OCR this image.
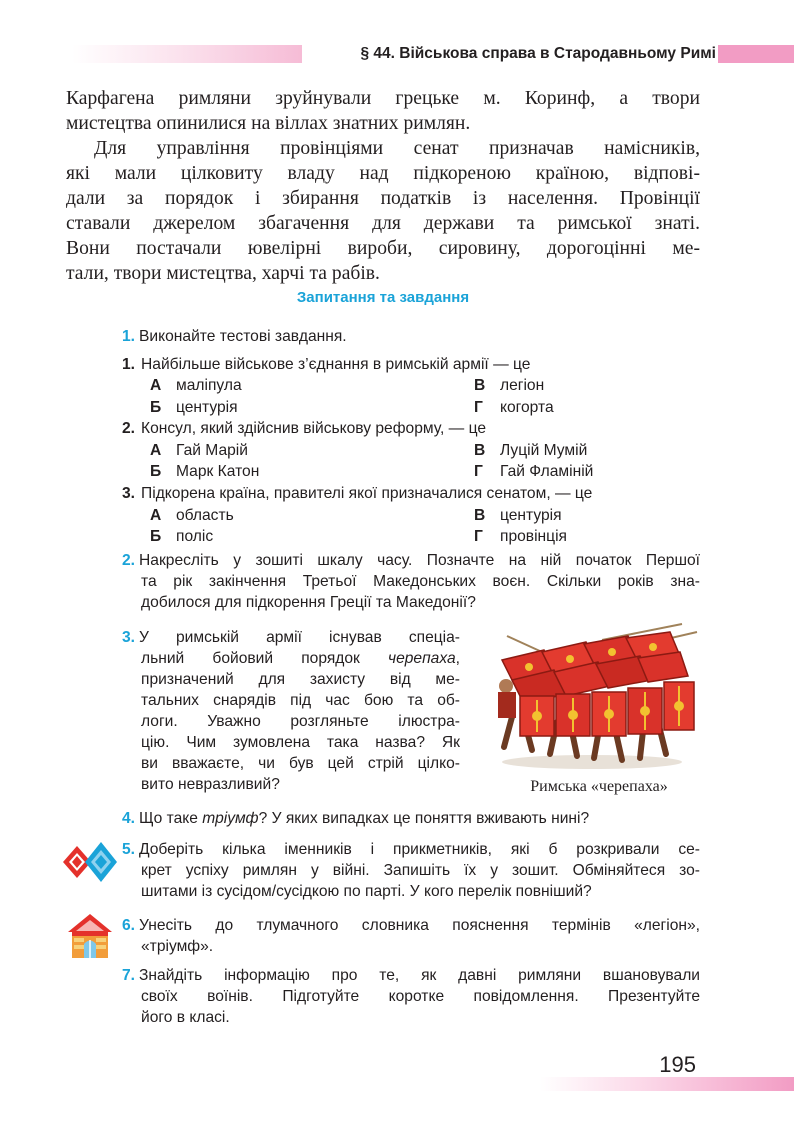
§ 44. Військова справа в Стародавньому Римі
Карфагена римляни зруйнували грецьке м. Коринф, а твори
мистецтва опинилися на віллах знатних римлян.
Для управління провінціями сенат призначав намісників,
які мали цілковиту владу над підкореною країною, відпові-
дали за порядок і збирання податків із населення. Провінції
ставали джерелом збагачення для держави та римської знаті.
Вони постачали ювелірні вироби, сировину, дорогоцінні ме-
тали, твори мистецтва, харчі та рабів.
Запитання та завдання
1. Виконайте тестові завдання.
1. Найбільше військове з’єднання в римській армії — це
А маліпула	В легіон
Б центурія	Г когорта
2. Консул, який здійснив військову реформу, — це
А Гай Марій	В Луцій Мумій
Б Марк Катон	Г Гай Фламіній
3. Підкорена країна, правителі якої призначалися сенатом, — це
А область	В центурія
Б поліс	Г провінція
2. Накресліть у зошиті шкалу часу. Позначте на ній початок Першої
та рік закінчення Третьої Македонських воєн. Скільки років зна-
добилося для підкорення Греції та Македонії?
3. У римській армії існував спеціа-
льний бойовий порядок черепаха,
призначений для захисту від ме-
тальних снарядів під час бою та об-
логи. Уважно розгляньте ілюстра-
цію. Чим зумовлена така назва? Як
ви вважаєте, чи був цей стрій цілко-
вито невразливий?	Римська «черепаха»
4. Що таке тріумф? У яких випадках це поняття вживають нині?
5. Доберіть кілька іменників і прикметників, які б розкривали се-
крет успіху римлян у війні. Запишіть їх у зошит. Обміняйтеся зо-
шитами із сусідом/сусідкою по парті. У кого перелік повніший?
6. Унесіть до тлумачного словника пояснення термінів «легіон»,
«тріумф».
7. Знайдіть інформацію про те, як давні римляни вшановували
своїх воїнів. Підготуйте коротке повідомлення. Презентуйте
його в класі.
195
